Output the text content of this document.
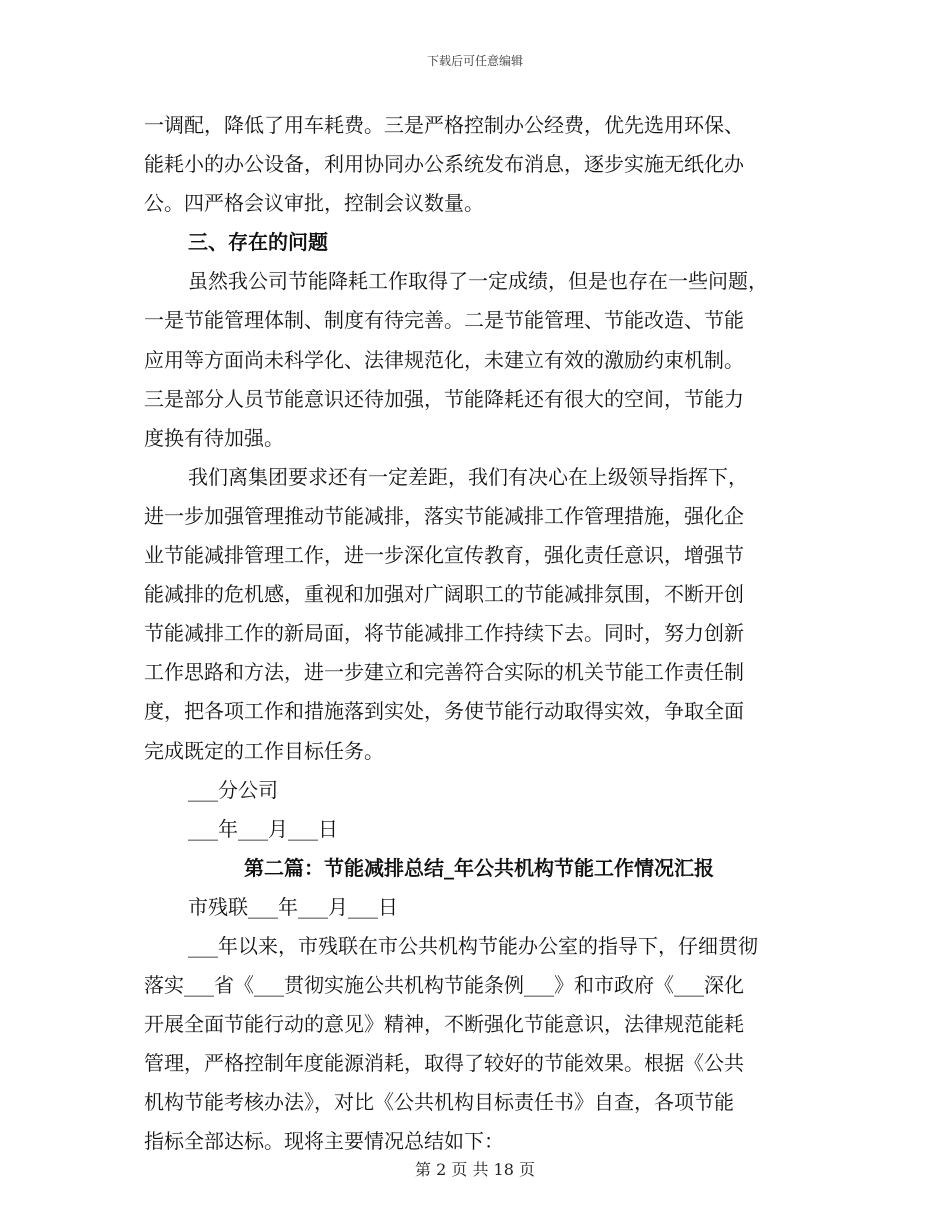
下载后可任意编辑
一调配，降低了用车耗费。三是严格控制办公经费，优先选用环保、
能耗小的办公设备，利用协同办公系统发布消息，逐步实施无纸化办
公。四严格会议审批，控制会议数量。
三、存在的问题
虽然我公司节能降耗工作取得了一定成绩，但是也存在一些问题，
一是节能管理体制、制度有待完善。二是节能管理、节能改造、节能
应用等方面尚未科学化、法律规范化，未建立有效的激励约束机制。
三是部分人员节能意识还待加强，节能降耗还有很大的空间，节能力
度换有待加强。
我们离集团要求还有一定差距，我们有决心在上级领导指挥下，
进一步加强管理推动节能减排，落实节能减排工作管理措施，强化企
业节能减排管理工作，进一步深化宣传教育，强化责任意识，增强节
能减排的危机感，重视和加强对广阔职工的节能减排氛围，不断开创
节能减排工作的新局面，将节能减排工作持续下去。同时，努力创新
工作思路和方法，进一步建立和完善符合实际的机关节能工作责任制
度，把各项工作和措施落到实处，务使节能行动取得实效，争取全面
完成既定的工作目标任务。
___分公司
___年___月___日
第二篇：节能减排总结_年公共机构节能工作情况汇报
市残联___年___月___日
___年以来，市残联在市公共机构节能办公室的指导下，仔细贯彻
落实___省《___贯彻实施公共机构节能条例___》和市政府《___深化
开展全面节能行动的意见》精神，不断强化节能意识，法律规范能耗
管理，严格控制年度能源消耗，取得了较好的节能效果。根据《公共
机构节能考核办法》，对比《公共机构目标责任书》自查，各项节能
指标全部达标。现将主要情况总结如下：
第 2 页 共 18 页
